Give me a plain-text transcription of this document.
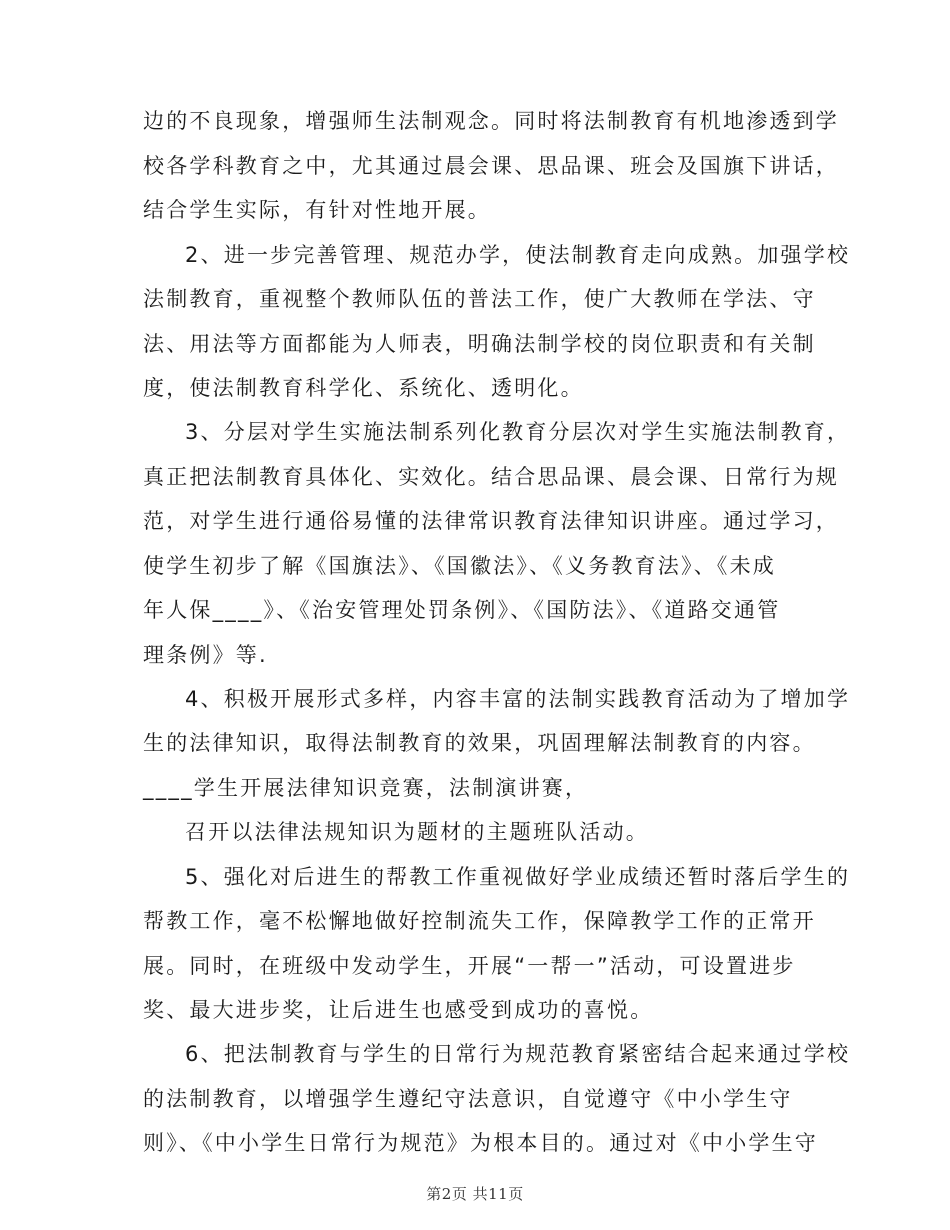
边的不良现象，增强师生法制观念。同时将法制教育有机地渗透到学
校各学科教育之中，尤其通过晨会课、思品课、班会及国旗下讲话，
结合学生实际，有针对性地开展。
2、进一步完善管理、规范办学，使法制教育走向成熟。加强学校
法制教育，重视整个教师队伍的普法工作，使广大教师在学法、守
法、用法等方面都能为人师表，明确法制学校的岗位职责和有关制
度，使法制教育科学化、系统化、透明化。
3、分层对学生实施法制系列化教育分层次对学生实施法制教育，
真正把法制教育具体化、实效化。结合思品课、晨会课、日常行为规
范，对学生进行通俗易懂的法律常识教育法律知识讲座。通过学习，
使学生初步了解《国旗法》、《国徽法》、《义务教育法》、《未成
年人保____》、《治安管理处罚条例》、《国防法》、《道路交通管
理条例》等.
4、积极开展形式多样，内容丰富的法制实践教育活动为了增加学
生的法律知识，取得法制教育的效果，巩固理解法制教育的内容。
____学生开展法律知识竞赛，法制演讲赛，
召开以法律法规知识为题材的主题班队活动。
5、强化对后进生的帮教工作重视做好学业成绩还暂时落后学生的
帮教工作，毫不松懈地做好控制流失工作，保障教学工作的正常开
展。同时，在班级中发动学生，开展“一帮一”活动，可设置进步
奖、最大进步奖，让后进生也感受到成功的喜悦。
6、把法制教育与学生的日常行为规范教育紧密结合起来通过学校
的法制教育，以增强学生遵纪守法意识，自觉遵守《中小学生守
则》、《中小学生日常行为规范》为根本目的。通过对《中小学生守
第2页 共11页
